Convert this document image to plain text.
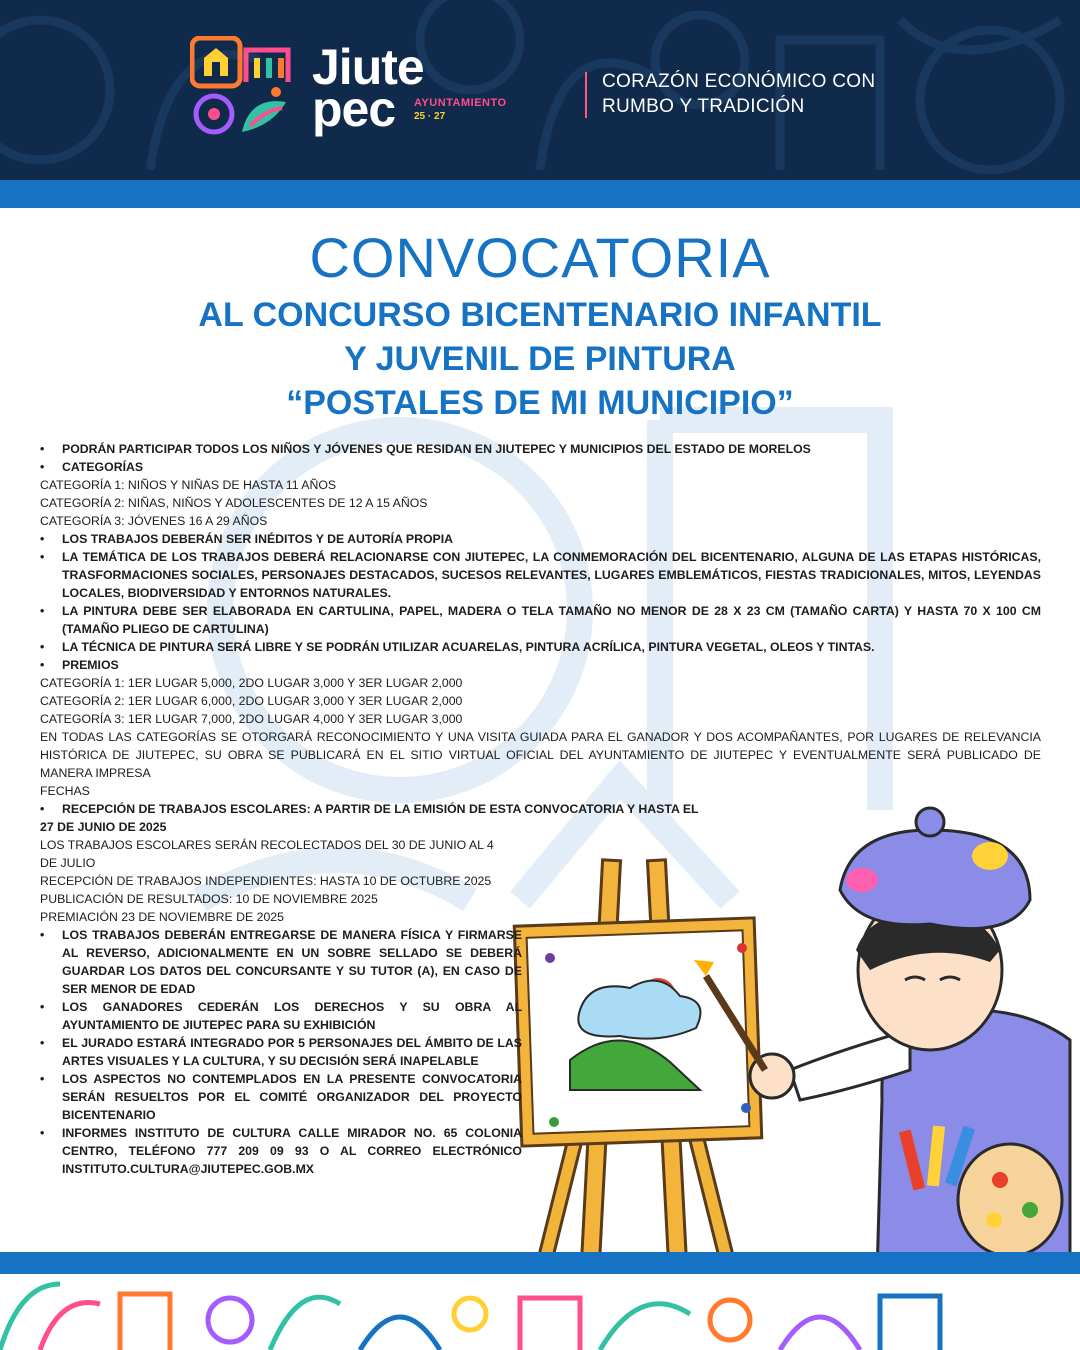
Jiute
pec AYUNTAMIENTO
25 · 27
CORAZÓN ECONÓMICO CON
RUMBO Y TRADICIÓN
CONVOCATORIA
AL CONCURSO BICENTENARIO INFANTIL
Y JUVENIL DE PINTURA
“POSTALES DE MI MUNICIPIO”
• PODRÁN PARTICIPAR TODOS LOS NIÑOS Y JÓVENES QUE RESIDAN EN JIUTEPEC Y MUNICIPIOS DEL ESTADO DE MORELOS
• CATEGORÍAS
CATEGORÍA 1: NIÑOS Y NIÑAS DE HASTA 11 AÑOS
CATEGORÍA 2: NIÑAS, NIÑOS Y ADOLESCENTES DE 12 A 15 AÑOS
CATEGORÍA 3: JÓVENES 16 A 29 AÑOS
• LOS TRABAJOS DEBERÁN SER INÉDITOS Y DE AUTORÍA PROPIA
• LA TEMÁTICA DE LOS TRABAJOS DEBERÁ RELACIONARSE CON JIUTEPEC, LA CONMEMORACIÓN DEL BICENTENARIO, ALGUNA DE LAS ETAPAS HISTÓRICAS, TRASFORMACIONES SOCIALES, PERSONAJES DESTACADOS, SUCESOS RELEVANTES, LUGARES EMBLEMÁTICOS, FIESTAS TRADICIONALES, MITOS, LEYENDAS LOCALES, BIODIVERSIDAD Y ENTORNOS NATURALES.
• LA PINTURA DEBE SER ELABORADA EN CARTULINA, PAPEL, MADERA O TELA TAMAÑO NO MENOR DE 28 X 23 CM (TAMAÑO CARTA) Y HASTA 70 X 100 CM (TAMAÑO PLIEGO DE CARTULINA)
• LA TÉCNICA DE PINTURA SERÁ LIBRE Y SE PODRÁN UTILIZAR ACUARELAS, PINTURA ACRÍLICA, PINTURA VEGETAL, OLEOS Y TINTAS.
• PREMIOS
CATEGORÍA 1: 1ER LUGAR 5,000, 2DO LUGAR 3,000 Y 3ER LUGAR 2,000
CATEGORÍA 2: 1ER LUGAR 6,000, 2DO LUGAR 3,000 Y 3ER LUGAR 2,000
CATEGORÍA 3: 1ER LUGAR 7,000, 2DO LUGAR 4,000 Y 3ER LUGAR 3,000
EN TODAS LAS CATEGORÍAS SE OTORGARÁ RECONOCIMIENTO Y UNA VISITA GUIADA PARA EL GANADOR Y DOS ACOMPAÑANTES, POR LUGARES DE RELEVANCIA HISTÓRICA DE JIUTEPEC, SU OBRA SE PUBLICARÁ EN EL SITIO VIRTUAL OFICIAL DEL AYUNTAMIENTO DE JIUTEPEC Y EVENTUALMENTE SERÁ PUBLICADO DE MANERA IMPRESA
FECHAS
• RECEPCIÓN DE TRABAJOS ESCOLARES: A PARTIR DE LA EMISIÓN DE ESTA CONVOCATORIA Y HASTA EL
27 DE JUNIO DE 2025
LOS TRABAJOS ESCOLARES SERÁN RECOLECTADOS DEL 30 DE JUNIO AL 4 DE JULIO
RECEPCIÓN DE TRABAJOS INDEPENDIENTES: HASTA 10 DE OCTUBRE 2025
PUBLICACIÓN DE RESULTADOS: 10 DE NOVIEMBRE 2025
PREMIACIÓN 23 DE NOVIEMBRE DE 2025
• LOS TRABAJOS DEBERÁN ENTREGARSE DE MANERA FÍSICA Y FIRMARSE AL REVERSO, ADICIONALMENTE EN UN SOBRE SELLADO SE DEBERÁ GUARDAR LOS DATOS DEL CONCURSANTE Y SU TUTOR (A), EN CASO DE SER MENOR DE EDAD
• LOS GANADORES CEDERÁN LOS DERECHOS Y SU OBRA AL AYUNTAMIENTO DE JIUTEPEC PARA SU EXHIBICIÓN
• EL JURADO ESTARÁ INTEGRADO POR 5 PERSONAJES DEL ÁMBITO DE LAS ARTES VISUALES Y LA CULTURA, Y SU DECISIÓN SERÁ INAPELABLE
• LOS ASPECTOS NO CONTEMPLADOS EN LA PRESENTE CONVOCATORIA SERÁN RESUELTOS POR EL COMITÉ ORGANIZADOR DEL PROYECTO BICENTENARIO
• INFORMES INSTITUTO DE CULTURA CALLE MIRADOR NO. 65 COLONIA CENTRO, TELÉFONO 777 209 09 93 O AL CORREO ELECTRÓNICO INSTITUTO.CULTURA@JIUTEPEC.GOB.MX
